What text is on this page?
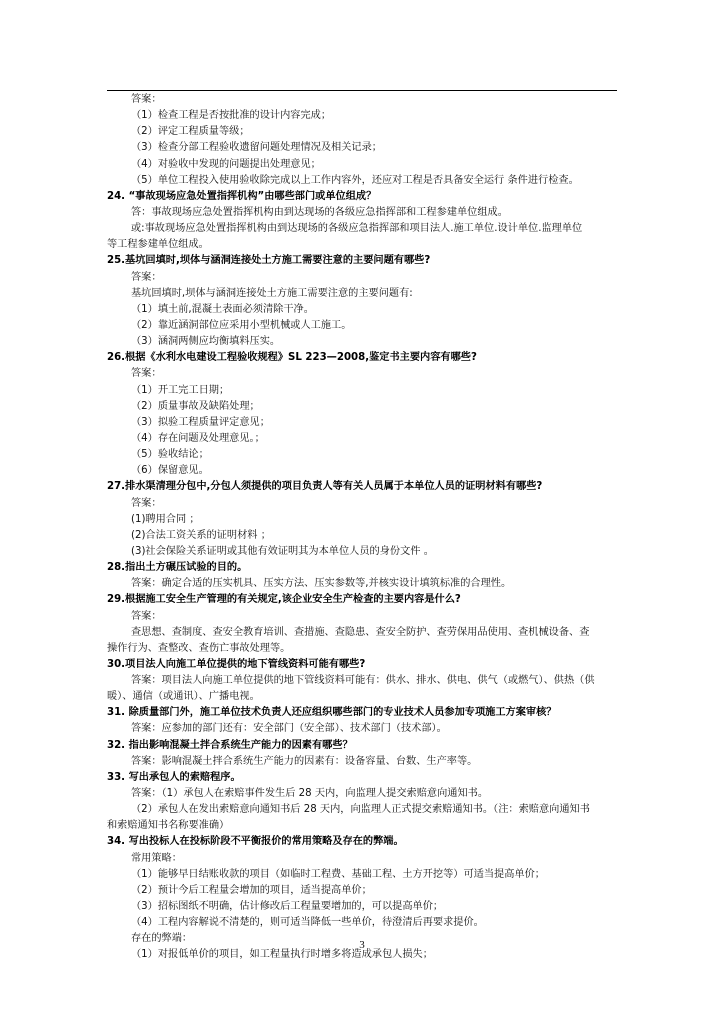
答案：
（1）检查工程是否按批准的设计内容完成；
（2）评定工程质量等级；
（3）检查分部工程验收遗留问题处理情况及相关记录；
（4）对验收中发现的问题提出处理意见；
（5）单位工程投入使用验收除完成以上工作内容外，还应对工程是否具备安全运行 条件进行检查。
24. “事故现场应急处置指挥机构”由哪些部门或单位组成？
答：事故现场应急处置指挥机构由到达现场的各级应急指挥部和工程参建单位组成。
或:事故现场应急处置指挥机构由到达现场的各级应急指挥部和项目法人.施工单位.设计单位.监理单位
等工程参建单位组成。
25.基坑回填时,坝体与涵洞连接处土方施工需要注意的主要问题有哪些?
答案：
基坑回填时,坝体与涵洞连接处土方施工需要注意的主要问题有:
（1）填土前,混凝土表面必须清除干净。
（2）靠近涵洞部位应采用小型机械或人工施工。
（3）涵洞两侧应均衡填料压实。
26.根据《水利水电建设工程验收规程》SL 223—2008,鉴定书主要内容有哪些?
答案：
（1）开工完工日期；
（2）质量事故及缺陷处理；
（3）拟验工程质量评定意见；
（4）存在问题及处理意见。；
（5）验收结论；
（6）保留意见。
27.排水渠清理分包中,分包人须提供的项目负责人等有关人员属于本单位人员的证明材料有哪些?
答案：
(1)聘用合同 ；
(2)合法工资关系的证明材料 ；
(3)社会保险关系证明或其他有效证明其为本单位人员的身份文件 。
28.指出土方碾压试验的目的。
答案：确定合适的压实机具、压实方法、压实参数等,并核实设计填筑标准的合理性。
29.根据施工安全生产管理的有关规定,该企业安全生产检查的主要内容是什么?
答案：
查思想、查制度、查安全教育培训、查措施、查隐患、查安全防护、查劳保用品使用、查机械设备、查
操作行为、查整改、查伤亡事故处理等。
30.项目法人向施工单位提供的地下管线资料可能有哪些?
答案：项目法人向施工单位提供的地下管线资料可能有：供水、排水、供电、供气（或燃气）、供热（供
暖）、通信（或通讯）、广播电视。
31. 除质量部门外，施工单位技术负责人还应组织哪些部门的专业技术人员参加专项施工方案审核？
答案：应参加的部门还有：安全部门（安全部）、技术部门（技术部）。
32. 指出影响混凝土拌合系统生产能力的因素有哪些？
答案：影响混凝土拌合系统生产能力的因素有：设备容量、台数、生产率等。
33. 写出承包人的索赔程序。
答案：（1）承包人在索赔事件发生后 28 天内，向监理人提交索赔意向通知书。
（2）承包人在发出索赔意向通知书后 28 天内，向监理人正式提交索赔通知书。（注：索赔意向通知书
和索赔通知书名称要准确）
34. 写出投标人在投标阶段不平衡报价的常用策略及存在的弊端。
常用策略：
（1）能够早日结账收款的项目（如临时工程费、基础工程、土方开挖等）可适当提高单价；
（2）预计今后工程量会增加的项目，适当提高单价；
（3）招标图纸不明确，估计修改后工程量要增加的，可以提高单价；
（4）工程内容解说不清楚的，则可适当降低一些单价，待澄清后再要求提价。
存在的弊端：
（1）对报低单价的项目，如工程量执行时增多将造成承包人损失；
3
